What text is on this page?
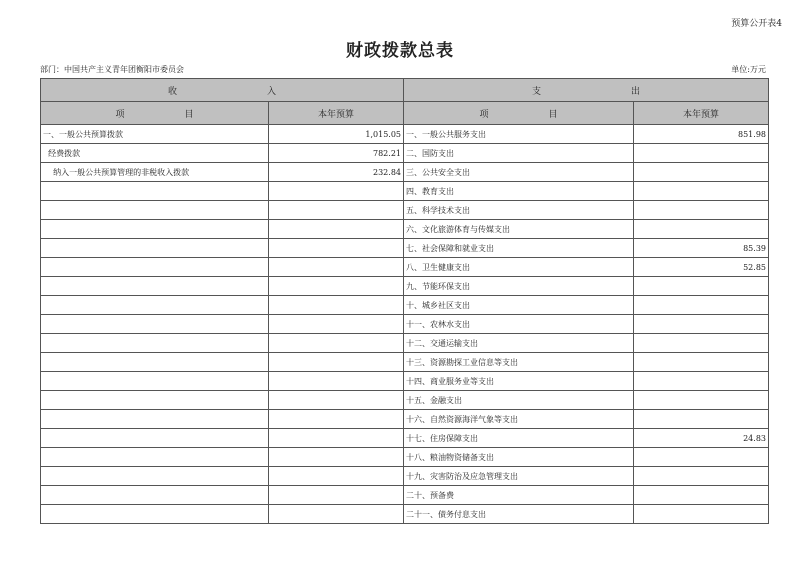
预算公开表4
财政拨款总表
部门：中国共产主义青年团衡阳市委员会	单位:万元
收 入		支 出	
项 目	本年预算	项 目	本年预算
一、一般公共预算拨款	1,015.05	一、一般公共服务支出	851.98
经费拨款	782.21	二、国防支出	
纳入一般公共预算管理的非税收入拨款	232.84	三、公共安全支出	
		四、教育支出	
		五、科学技术支出	
		六、文化旅游体育与传媒支出	
		七、社会保障和就业支出	85.39
		八、卫生健康支出	52.85
		九、节能环保支出	
		十、城乡社区支出	
		十一、农林水支出	
		十二、交通运输支出	
		十三、资源勘探工业信息等支出	
		十四、商业服务业等支出	
		十五、金融支出	
		十六、自然资源海洋气象等支出	
		十七、住房保障支出	24.83
		十八、粮油物资储备支出	
		十九、灾害防治及应急管理支出	
		二十、预备费	
		二十一、债务付息支出	
